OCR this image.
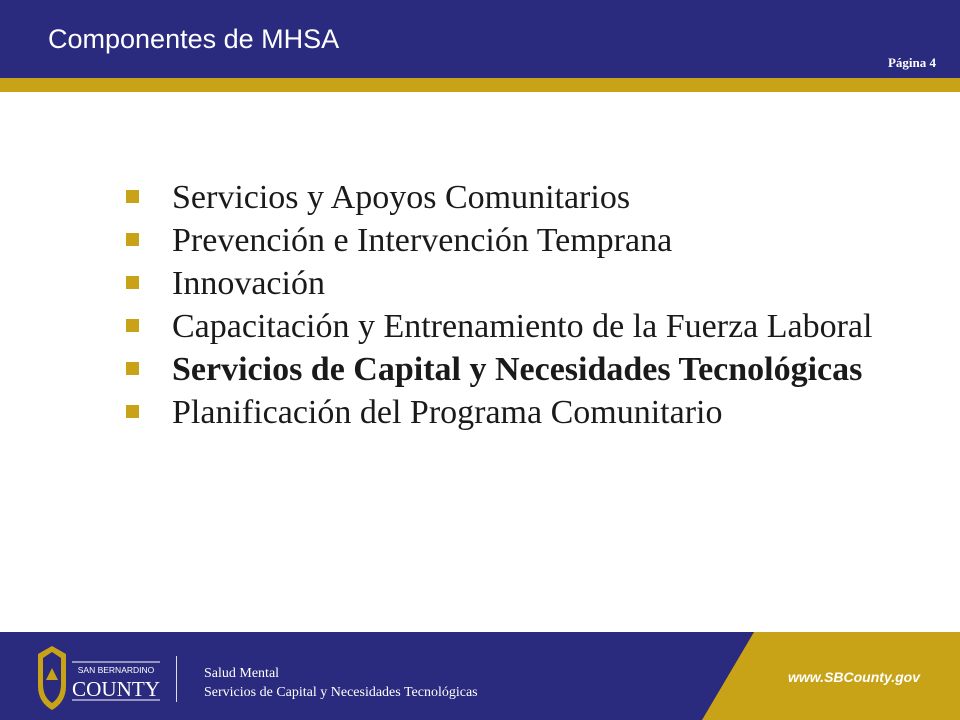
Componentes de MHSA
Página 4
Servicios y Apoyos Comunitarios
Prevención e Intervención Temprana
Innovación
Capacitación y Entrenamiento de la Fuerza Laboral
Servicios de Capital y Necesidades Tecnológicas
Planificación del Programa Comunitario
SAN BERNARDINO
COUNTY
Salud Mental
Servicios de Capital y Necesidades Tecnológicas
www.SBCounty.gov
